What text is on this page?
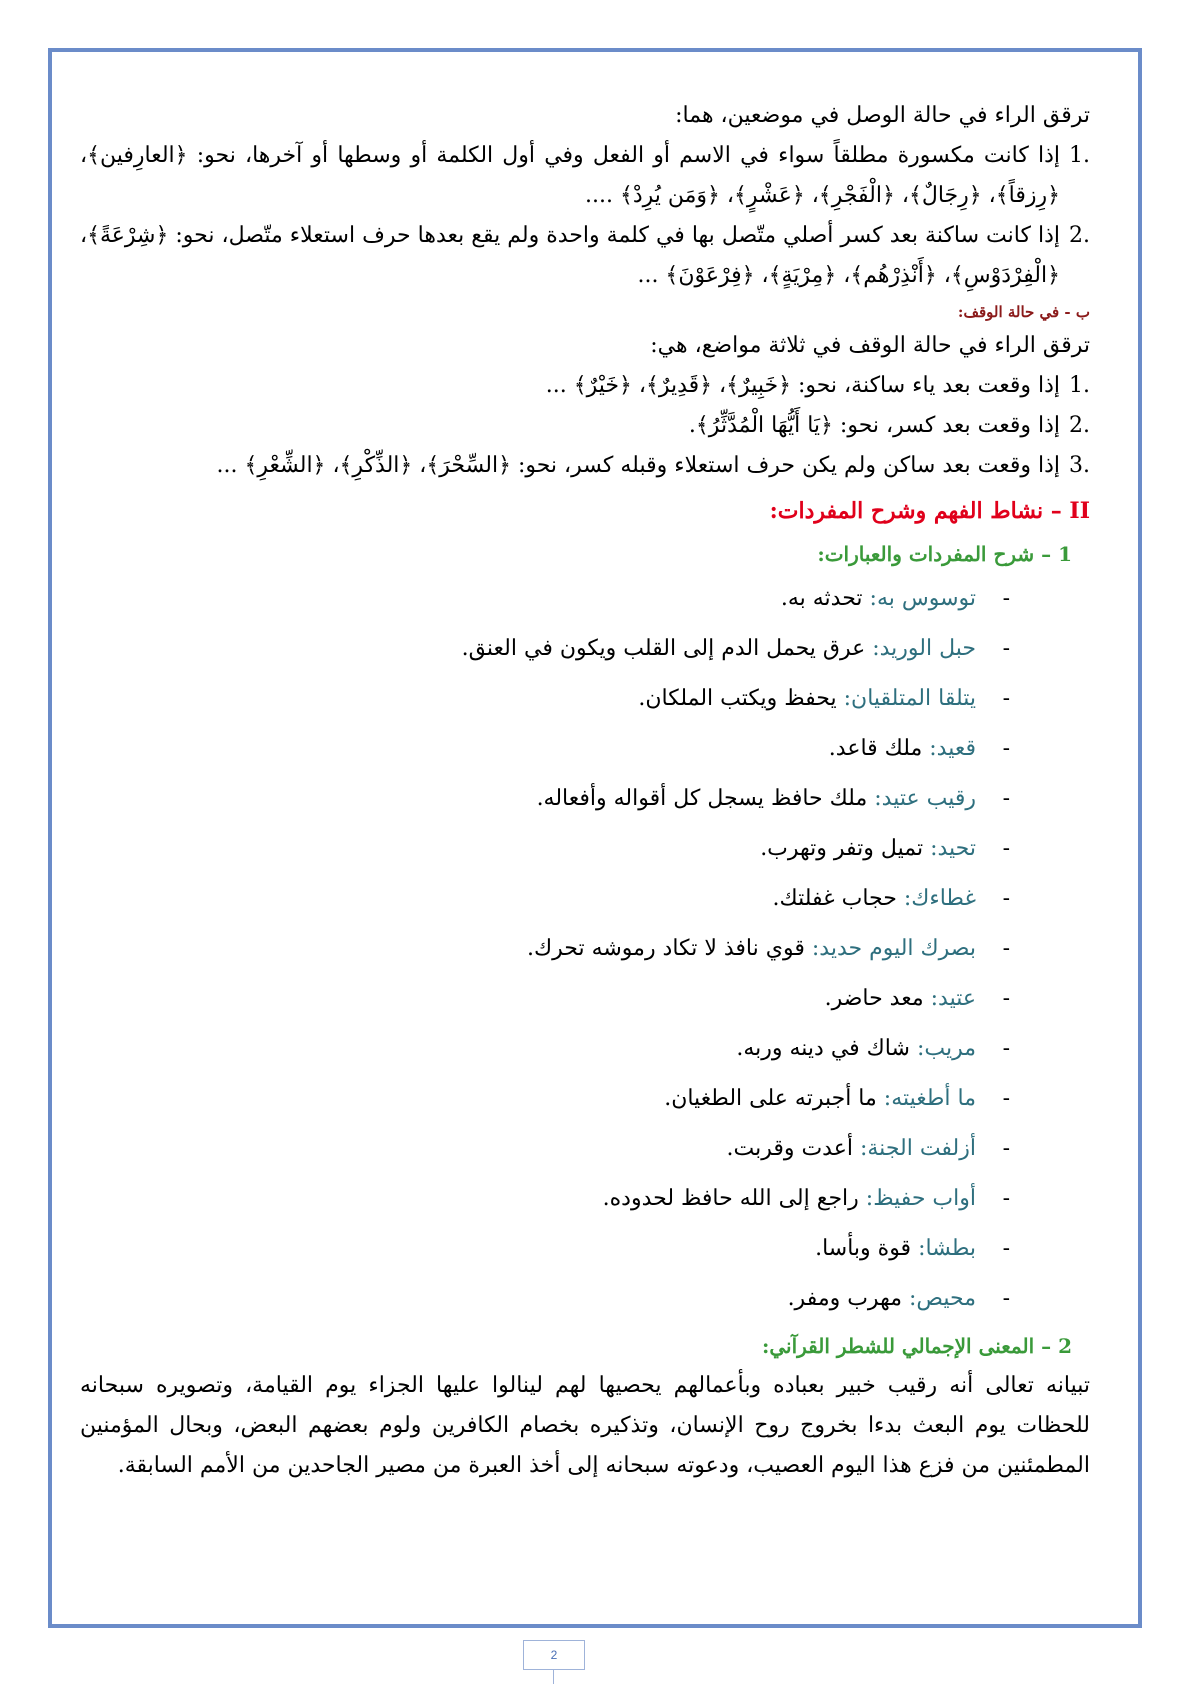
ترقق الراء في حالة الوصل في موضعين، هما:

1.
إذا كانت مكسورة مطلقاً سواء في الاسم أو الفعل وفي أول الكلمة أو وسطها أو آخرها، نحو: ﴿العارِفين﴾، ﴿رِزقاً﴾، ﴿رِجَالٌ﴾، ﴿الْفَجْرِ﴾، ﴿عَشْرٍ﴾، ﴿وَمَن يُرِدْ﴾ ....

2.
إذا كانت ساكنة بعد كسر أصلي متّصل بها في كلمة واحدة ولم يقع بعدها حرف استعلاء متّصل، نحو: ﴿شِرْعَةً﴾، ﴿الْفِرْدَوْسِ﴾، ﴿أَنْذِرْهُم﴾، ﴿مِرْيَةٍ﴾، ﴿فِرْعَوْنَ﴾ ...

ب - في حالة الوقف:

ترقق الراء في حالة الوقف في ثلاثة مواضع، هي:

1.
إذا وقعت بعد ياء ساكنة، نحو: ﴿خَبِيرٌ﴾، ﴿قَدِيرٌ﴾، ﴿خَيْرٌ﴾ ...

2.
إذا وقعت بعد كسر، نحو: ﴿يَا أَيُّهَا الْمُدَّثِّرُ﴾.

3.
إذا وقعت بعد ساكن ولم يكن حرف استعلاء وقبله كسر، نحو: ﴿السِّحْرَ﴾، ﴿الذِّكْرِ﴾، ﴿الشِّعْرِ﴾ ...

II – نشاط الفهم وشرح المفردات:

1 – شرح المفردات والعبارات:

-
توسوس به: تحدثه به.
-
حبل الوريد: عرق يحمل الدم إلى القلب ويكون في العنق.
-
يتلقا المتلقيان: يحفظ ويكتب الملكان.
-
قعيد: ملك قاعد.
-
رقيب عتيد: ملك حافظ يسجل كل أقواله وأفعاله.
-
تحيد: تميل وتفر وتهرب.
-
غطاءك: حجاب غفلتك.
-
بصرك اليوم حديد: قوي نافذ لا تكاد رموشه تحرك.
-
عتيد: معد حاضر.
-
مريب: شاك في دينه وربه.
-
ما أطغيته: ما أجبرته على الطغيان.
-
أزلفت الجنة: أعدت وقربت.
-
أواب حفيظ: راجع إلى الله حافظ لحدوده.
-
بطشا: قوة وبأسا.
-
محيص: مهرب ومفر.

2 – المعنى الإجمالي للشطر القرآني:

تبيانه تعالى أنه رقيب خبير بعباده وبأعمالهم يحصيها لهم لينالوا عليها الجزاء يوم القيامة، وتصويره سبحانه للحظات يوم البعث بدءا بخروج روح الإنسان، وتذكيره بخصام الكافرين ولوم بعضهم البعض، وبحال المؤمنين المطمئنين من فزع هذا اليوم العصيب، ودعوته سبحانه إلى أخذ العبرة من مصير الجاحدين من الأمم السابقة.

2
